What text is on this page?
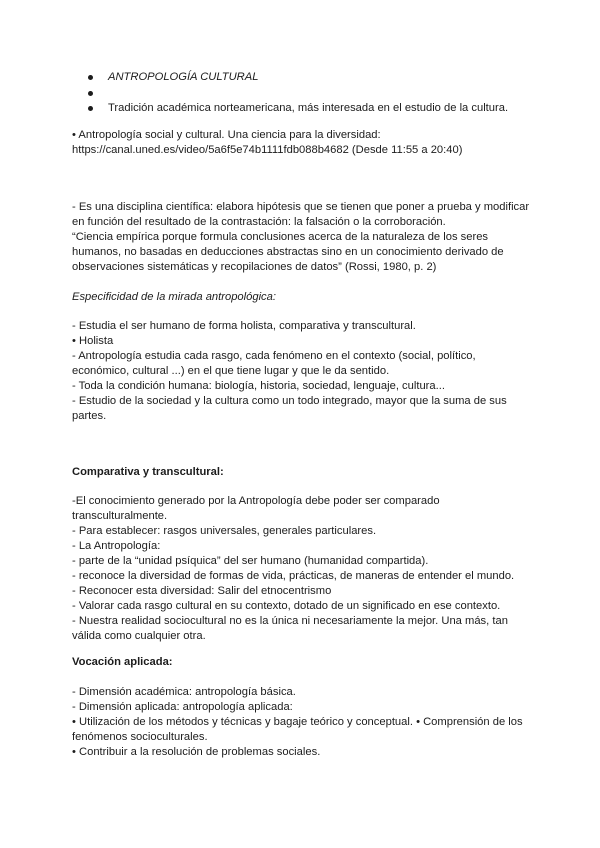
ANTROPOLOGÍA CULTURAL
Tradición académica norteamericana, más interesada en el estudio de la cultura.

• Antropología social y cultural. Una ciencia para la diversidad:

https://canal.uned.es/video/5a6f5e74b1111fdb088b4682 (Desde 11:55 a 20:40)

- Es una disciplina científica: elabora hipótesis que se tienen que poner a prueba y modificar

en función del resultado de la contrastación: la falsación o la corroboración.

“Ciencia empírica porque formula conclusiones acerca de la naturaleza de los seres

humanos, no basadas en deducciones abstractas sino en un conocimiento derivado de

observaciones sistemáticas y recopilaciones de datos” (Rossi, 1980, p. 2)

Especificidad de la mirada antropológica:

- Estudia el ser humano de forma holista, comparativa y transcultural.

• Holista

- Antropología estudia cada rasgo, cada fenómeno en el contexto (social, político,

económico, cultural ...) en el que tiene lugar y que le da sentido.

- Toda la condición humana: biología, historia, sociedad, lenguaje, cultura...

- Estudio de la sociedad y la cultura como un todo integrado, mayor que la suma de sus

partes.

Comparativa y transcultural:

-El conocimiento generado por la Antropología debe poder ser comparado

transculturalmente.

- Para establecer: rasgos universales, generales particulares.

- La Antropología:

- parte de la “unidad psíquica” del ser humano (humanidad compartida).

- reconoce la diversidad de formas de vida, prácticas, de maneras de entender el mundo.

- Reconocer esta diversidad: Salir del etnocentrismo

- Valorar cada rasgo cultural en su contexto, dotado de un significado en ese contexto.

- Nuestra realidad sociocultural no es la única ni necesariamente la mejor. Una más, tan

válida como cualquier otra.

Vocación aplicada:

- Dimensión académica: antropología básica.

- Dimensión aplicada: antropología aplicada:

• Utilización de los métodos y técnicas y bagaje teórico y conceptual. • Comprensión de los

fenómenos socioculturales.

• Contribuir a la resolución de problemas sociales.
